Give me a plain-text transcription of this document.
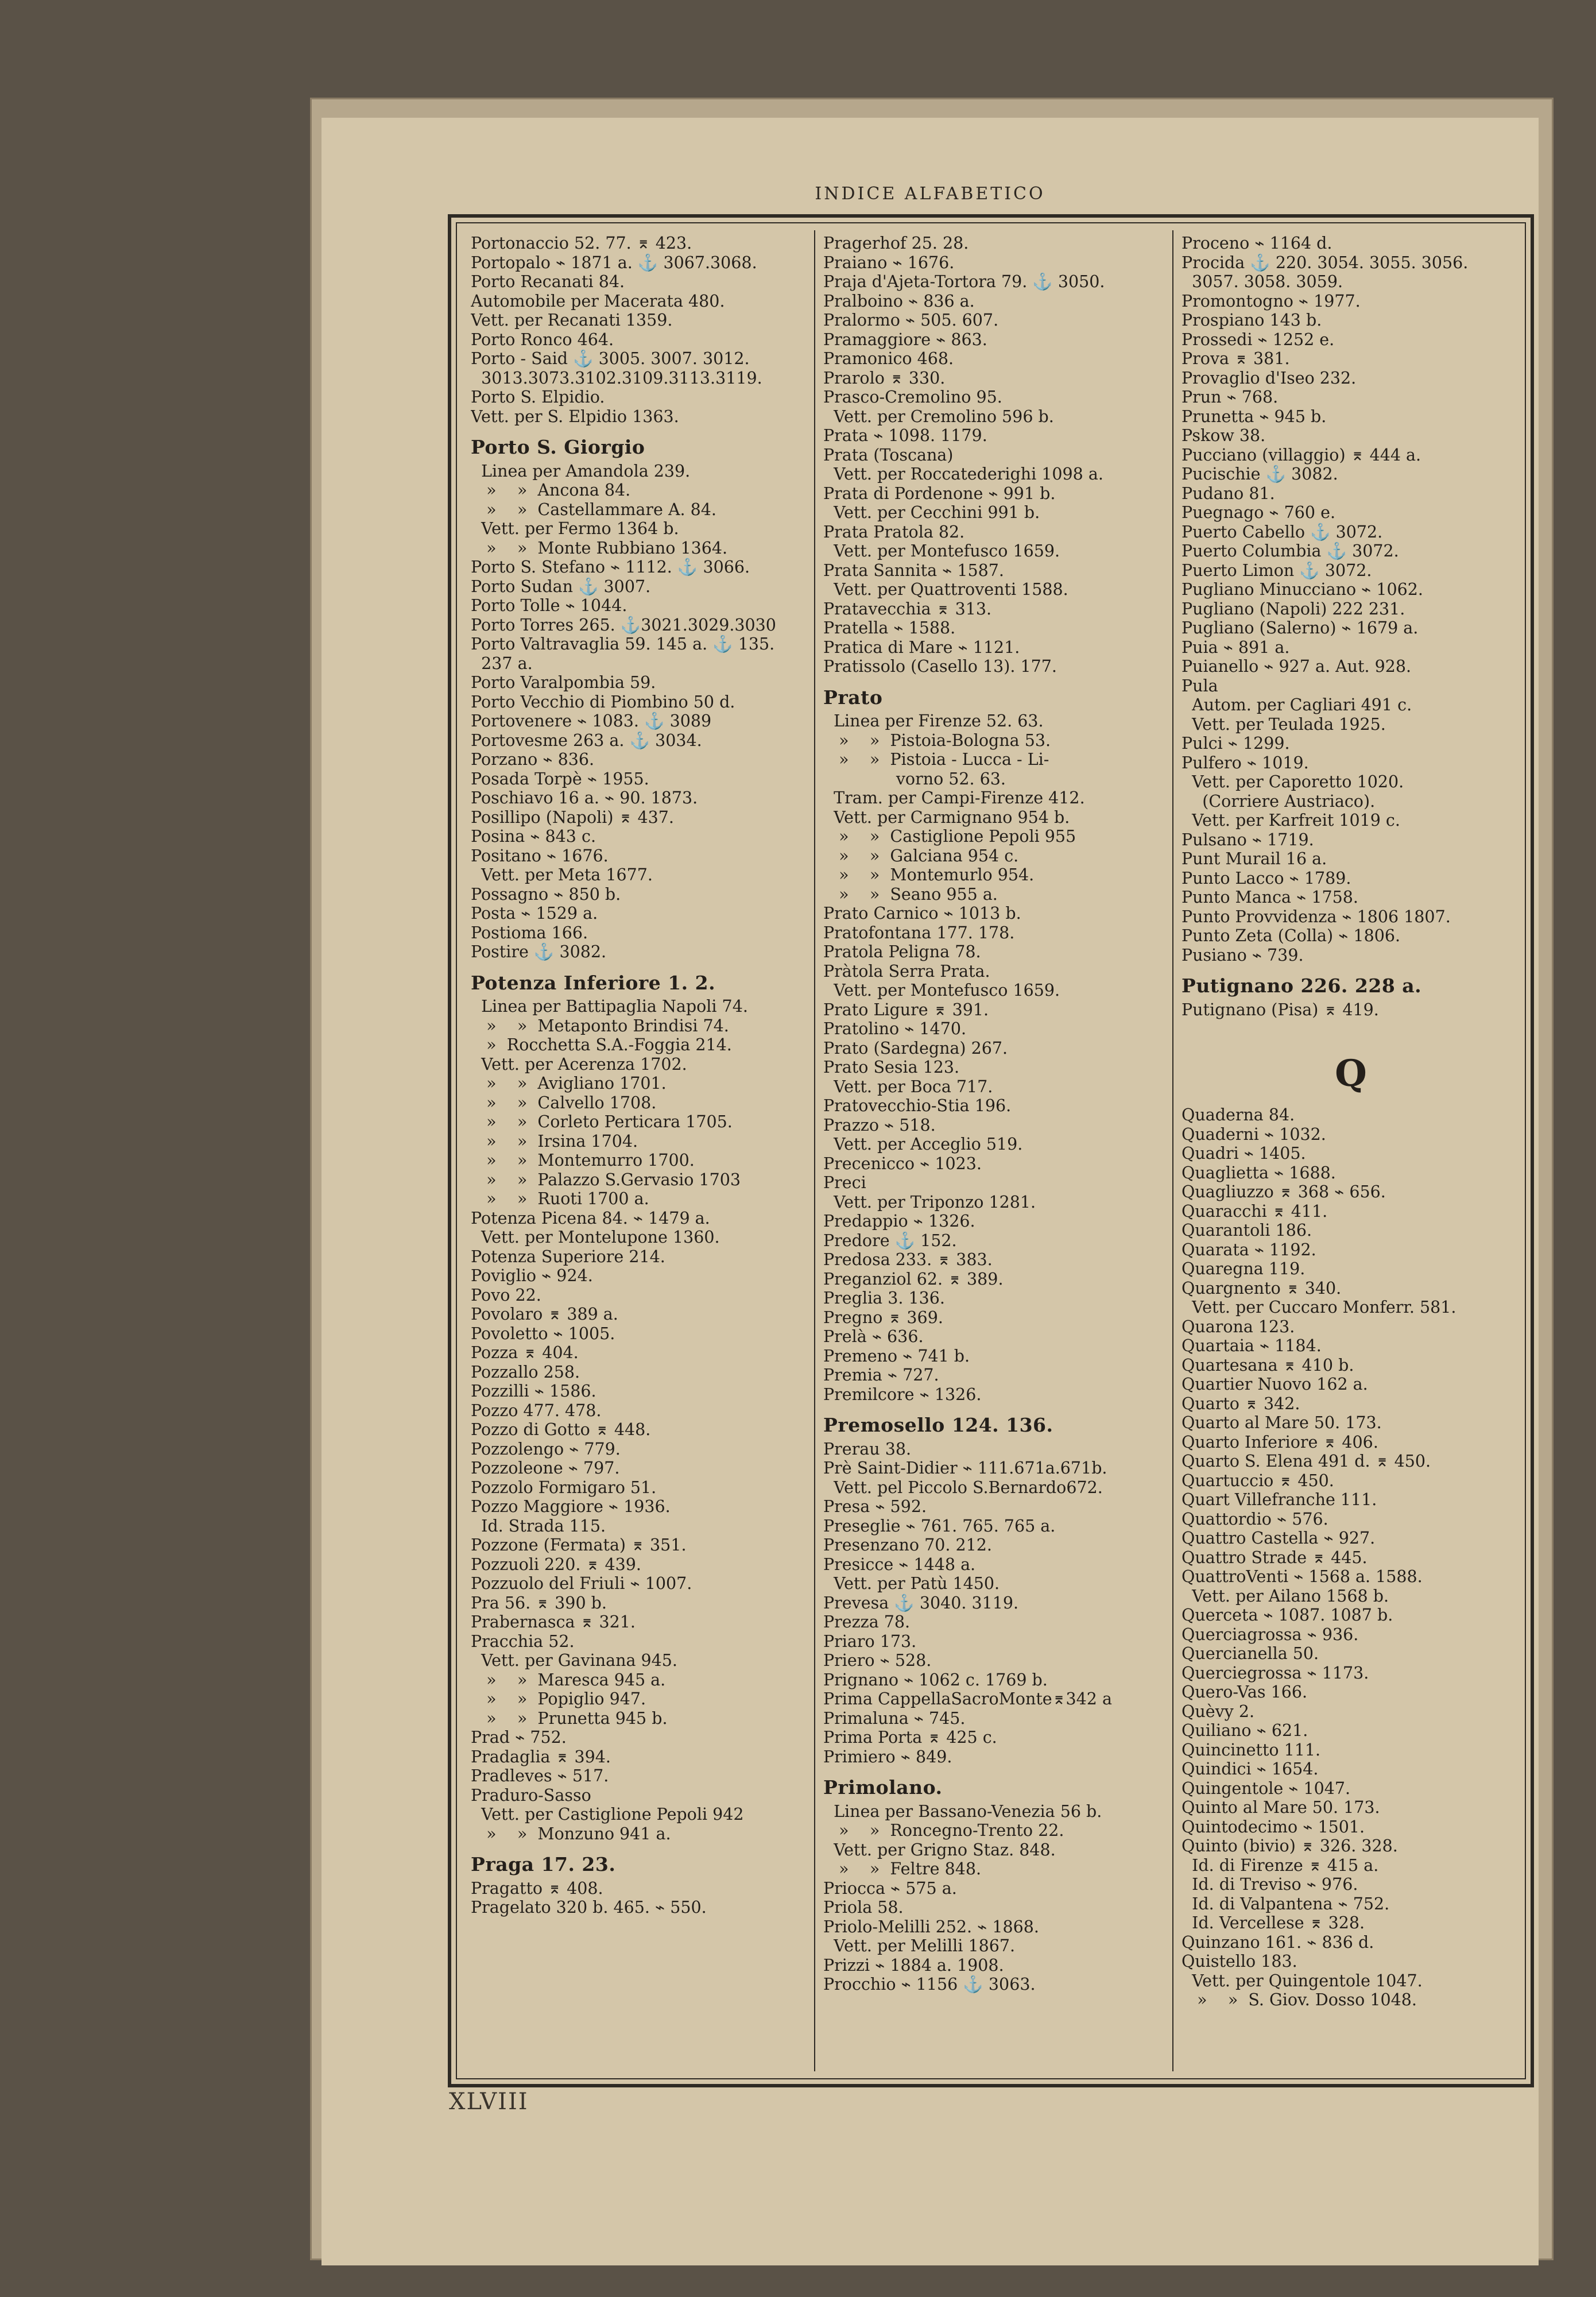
INDICE ALFABETICO
Portonaccio 52. 77. ⌆ 423.
Portopalo ⌁ 1871 a. ⚓ 3067.3068.
Porto Recanati 84.
Automobile per Macerata 480.
Vett. per Recanati 1359.
Porto Ronco 464.
Porto - Said ⚓ 3005. 3007. 3012.
3013.3073.3102.3109.3113.3119.
Porto S. Elpidio.
Vett. per S. Elpidio 1363.
Porto S. Giorgio
Linea per Amandola 239.
»    »  Ancona 84.
»    »  Castellammare A. 84.
Vett. per Fermo 1364 b.
»    »  Monte Rubbiano 1364.
Porto S. Stefano ⌁ 1112. ⚓ 3066.
Porto Sudan ⚓ 3007.
Porto Tolle ⌁ 1044.
Porto Torres 265. ⚓3021.3029.3030
Porto Valtravaglia 59. 145 a. ⚓ 135.
237 a.
Porto Varalpombia 59.
Porto Vecchio di Piombino 50 d.
Portovenere ⌁ 1083. ⚓ 3089
Portovesme 263 a. ⚓ 3034.
Porzano ⌁ 836.
Posada Torpè ⌁ 1955.
Poschiavo 16 a. ⌁ 90. 1873.
Posillipo (Napoli) ⌆ 437.
Posina ⌁ 843 c.
Positano ⌁ 1676.
Vett. per Meta 1677.
Possagno ⌁ 850 b.
Posta ⌁ 1529 a.
Postioma 166.
Postire ⚓ 3082.
Potenza Inferiore 1. 2.
Linea per Battipaglia Napoli 74.
»    »  Metaponto Brindisi 74.
»  Rocchetta S.A.-Foggia 214.
Vett. per Acerenza 1702.
»    »  Avigliano 1701.
»    »  Calvello 1708.
»    »  Corleto Perticara 1705.
»    »  Irsina 1704.
»    »  Montemurro 1700.
»    »  Palazzo S.Gervasio 1703
»    »  Ruoti 1700 a.
Potenza Picena 84. ⌁ 1479 a.
Vett. per Montelupone 1360.
Potenza Superiore 214.
Poviglio ⌁ 924.
Povo 22.
Povolaro ⌆ 389 a.
Povoletto ⌁ 1005.
Pozza ⌆ 404.
Pozzallo 258.
Pozzilli ⌁ 1586.
Pozzo 477. 478.
Pozzo di Gotto ⌆ 448.
Pozzolengo ⌁ 779.
Pozzoleone ⌁ 797.
Pozzolo Formigaro 51.
Pozzo Maggiore ⌁ 1936.
Id. Strada 115.
Pozzone (Fermata) ⌆ 351.
Pozzuoli 220. ⌆ 439.
Pozzuolo del Friuli ⌁ 1007.
Pra 56. ⌆ 390 b.
Prabernasca ⌆ 321.
Pracchia 52.
Vett. per Gavinana 945.
»    »  Maresca 945 a.
»    »  Popiglio 947.
»    »  Prunetta 945 b.
Prad ⌁ 752.
Pradaglia ⌆ 394.
Pradleves ⌁ 517.
Praduro-Sasso
Vett. per Castiglione Pepoli 942
»    »  Monzuno 941 a.
Praga 17. 23.
Pragatto ⌆ 408.
Pragelato 320 b. 465. ⌁ 550.
Pragerhof 25. 28.
Praiano ⌁ 1676.
Praja d'Ajeta-Tortora 79. ⚓ 3050.
Pralboino ⌁ 836 a.
Pralormo ⌁ 505. 607.
Pramaggiore ⌁ 863.
Pramonico 468.
Prarolo ⌆ 330.
Prasco-Cremolino 95.
Vett. per Cremolino 596 b.
Prata ⌁ 1098. 1179.
Prata (Toscana)
Vett. per Roccatederighi 1098 a.
Prata di Pordenone ⌁ 991 b.
Vett. per Cecchini 991 b.
Prata Pratola 82.
Vett. per Montefusco 1659.
Prata Sannita ⌁ 1587.
Vett. per Quattroventi 1588.
Pratavecchia ⌆ 313.
Pratella ⌁ 1588.
Pratica di Mare ⌁ 1121.
Pratissolo (Casello 13). 177.
Prato
Linea per Firenze 52. 63.
»    »  Pistoia-Bologna 53.
»    »  Pistoia - Lucca - Li-
vorno 52. 63.
Tram. per Campi-Firenze 412.
Vett. per Carmignano 954 b.
»    »  Castiglione Pepoli 955
»    »  Galciana 954 c.
»    »  Montemurlo 954.
»    »  Seano 955 a.
Prato Carnico ⌁ 1013 b.
Pratofontana 177. 178.
Pratola Peligna 78.
Pràtola Serra Prata.
Vett. per Montefusco 1659.
Prato Ligure ⌆ 391.
Pratolino ⌁ 1470.
Prato (Sardegna) 267.
Prato Sesia 123.
Vett. per Boca 717.
Pratovecchio-Stia 196.
Prazzo ⌁ 518.
Vett. per Acceglio 519.
Precenicco ⌁ 1023.
Preci
Vett. per Triponzo 1281.
Predappio ⌁ 1326.
Predore ⚓ 152.
Predosa 233. ⌆ 383.
Preganziol 62. ⌆ 389.
Preglia 3. 136.
Pregno ⌆ 369.
Prelà ⌁ 636.
Premeno ⌁ 741 b.
Premia ⌁ 727.
Premilcore ⌁ 1326.
Premosello 124. 136.
Prerau 38.
Prè Saint-Didier ⌁ 111.671a.671b.
Vett. pel Piccolo S.Bernardo672.
Presa ⌁ 592.
Preseglie ⌁ 761. 765. 765 a.
Presenzano 70. 212.
Presicce ⌁ 1448 a.
Vett. per Patù 1450.
Prevesa ⚓ 3040. 3119.
Prezza 78.
Priaro 173.
Priero ⌁ 528.
Prignano ⌁ 1062 c. 1769 b.
Prima CappellaSacroMonte⌆342 a
Primaluna ⌁ 745.
Prima Porta ⌆ 425 c.
Primiero ⌁ 849.
Primolano.
Linea per Bassano-Venezia 56 b.
»    »  Roncegno-Trento 22.
Vett. per Grigno Staz. 848.
»    »  Feltre 848.
Priocca ⌁ 575 a.
Priola 58.
Priolo-Melilli 252. ⌁ 1868.
Vett. per Melilli 1867.
Prizzi ⌁ 1884 a. 1908.
Procchio ⌁ 1156 ⚓ 3063.
Proceno ⌁ 1164 d.
Procida ⚓ 220. 3054. 3055. 3056.
3057. 3058. 3059.
Promontogno ⌁ 1977.
Prospiano 143 b.
Prossedi ⌁ 1252 e.
Prova ⌆ 381.
Provaglio d'Iseo 232.
Prun ⌁ 768.
Prunetta ⌁ 945 b.
Pskow 38.
Pucciano (villaggio) ⌆ 444 a.
Pucischie ⚓ 3082.
Pudano 81.
Puegnago ⌁ 760 e.
Puerto Cabello ⚓ 3072.
Puerto Columbia ⚓ 3072.
Puerto Limon ⚓ 3072.
Pugliano Minucciano ⌁ 1062.
Pugliano (Napoli) 222 231.
Pugliano (Salerno) ⌁ 1679 a.
Puia ⌁ 891 a.
Puianello ⌁ 927 a. Aut. 928.
Pula
Autom. per Cagliari 491 c.
Vett. per Teulada 1925.
Pulci ⌁ 1299.
Pulfero ⌁ 1019.
Vett. per Caporetto 1020.
(Corriere Austriaco).
Vett. per Karfreit 1019 c.
Pulsano ⌁ 1719.
Punt Murail 16 a.
Punto Lacco ⌁ 1789.
Punto Manca ⌁ 1758.
Punto Provvidenza ⌁ 1806 1807.
Punto Zeta (Colla) ⌁ 1806.
Pusiano ⌁ 739.
Putignano 226. 228 a.
Putignano (Pisa) ⌆ 419.
Q
Quaderna 84.
Quaderni ⌁ 1032.
Quadri ⌁ 1405.
Quaglietta ⌁ 1688.
Quagliuzzo ⌆ 368 ⌁ 656.
Quaracchi ⌆ 411.
Quarantoli 186.
Quarata ⌁ 1192.
Quaregna 119.
Quargnento ⌆ 340.
Vett. per Cuccaro Monferr. 581.
Quarona 123.
Quartaia ⌁ 1184.
Quartesana ⌆ 410 b.
Quartier Nuovo 162 a.
Quarto ⌆ 342.
Quarto al Mare 50. 173.
Quarto Inferiore ⌆ 406.
Quarto S. Elena 491 d. ⌆ 450.
Quartuccio ⌆ 450.
Quart Villefranche 111.
Quattordio ⌁ 576.
Quattro Castella ⌁ 927.
Quattro Strade ⌆ 445.
QuattroVenti ⌁ 1568 a. 1588.
Vett. per Ailano 1568 b.
Querceta ⌁ 1087. 1087 b.
Querciagrossa ⌁ 936.
Quercianella 50.
Querciegrossa ⌁ 1173.
Quero-Vas 166.
Quèvy 2.
Quiliano ⌁ 621.
Quincinetto 111.
Quindici ⌁ 1654.
Quingentole ⌁ 1047.
Quinto al Mare 50. 173.
Quintodecimo ⌁ 1501.
Quinto (bivio) ⌆ 326. 328.
Id. di Firenze ⌆ 415 a.
Id. di Treviso ⌁ 976.
Id. di Valpantena ⌁ 752.
Id. Vercellese ⌆ 328.
Quinzano 161. ⌁ 836 d.
Quistello 183.
Vett. per Quingentole 1047.
»    »  S. Giov. Dosso 1048.
XLVIII
